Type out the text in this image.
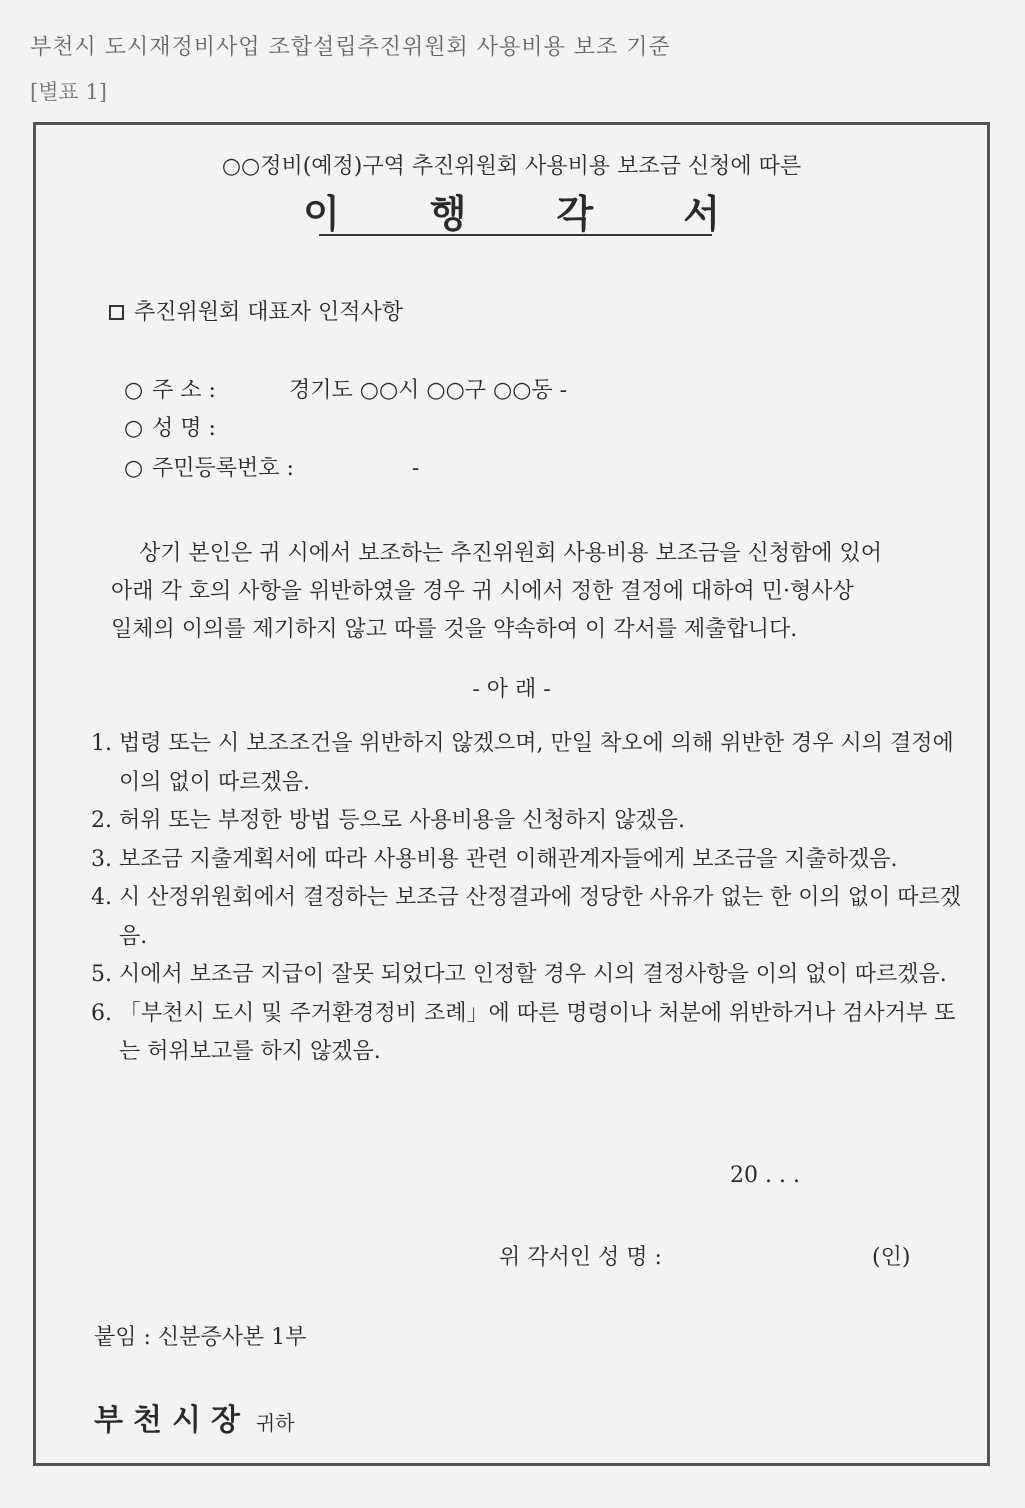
부천시 도시재정비사업 조합설립추진위원회 사용비용 보조 기준
[별표 1]
○○정비(예정)구역 추진위원회 사용비용 보조금 신청에 따른
이행각서
추진위원회 대표자 인적사항
○ 주 소 :	경기도 ○○시 ○○구 ○○동 -
○ 성 명 :
○ 주민등록번호 :	-

상기 본인은 귀 시에서 보조하는 추진위원회 사용비용 보조금을 신청함에 있어

아래 각 호의 사항을 위반하였을 경우 귀 시에서 정한 결정에 대하여 민·형사상

일체의 이의를 제기하지 않고 따를 것을 약속하여 이 각서를 제출합니다.

- 아 래 -
1. 법령 또는 시 보조조건을 위반하지 않겠으며, 만일 착오에 의해 위반한 경우 시의 결정에 이의 없이 따르겠음.
2. 허위 또는 부정한 방법 등으로 사용비용을 신청하지 않겠음.
3. 보조금 지출계획서에 따라 사용비용 관련 이해관계자들에게 보조금을 지출하겠음.
4. 시 산정위원회에서 결정하는 보조금 산정결과에 정당한 사유가 없는 한 이의 없이 따르겠음.
5. 시에서 보조금 지급이 잘못 되었다고 인정할 경우 시의 결정사항을 이의 없이 따르겠음.
6. 「부천시 도시 및 주거환경정비 조례」에 따른 명령이나 처분에 위반하거나 검사거부 또는 허위보고를 하지 않겠음.
20 . . .
위 각서인 성 명 :	(인)
붙임 : 신분증사본 1부
부천시장 귀하
